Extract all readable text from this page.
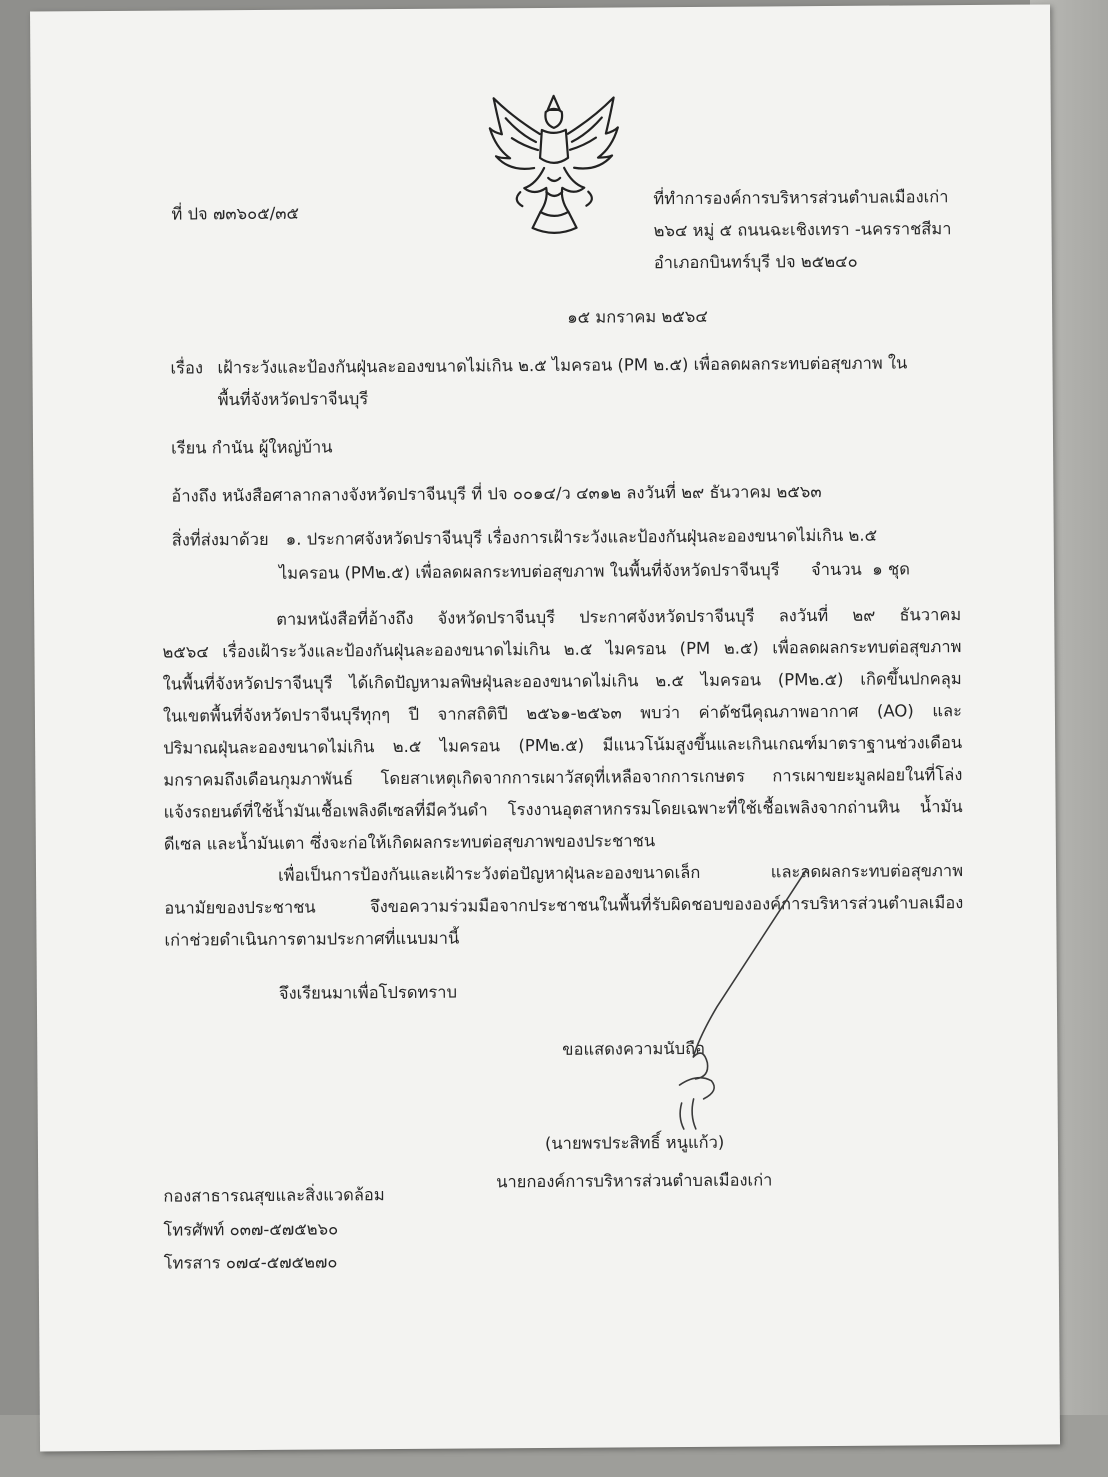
ที่ ปจ ๗๓๖๐๕/๓๕
ที่ทำการองค์การบริหารส่วนตำบลเมืองเก่า
๒๖๔ หมู่ ๕ ถนนฉะเชิงเทรา -นครราชสีมา
อำเภอกบินทร์บุรี ปจ ๒๕๒๔๐
๑๕ มกราคม ๒๕๖๔
เรื่อง เฝ้าระวังและป้องกันฝุ่นละอองขนาดไม่เกิน ๒.๕ ไมครอน (PM ๒.๕) เพื่อลดผลกระทบต่อสุขภาพ ใน
พื้นที่จังหวัดปราจีนบุรี
เรียน กำนัน ผู้ใหญ่บ้าน
อ้างถึง หนังสือศาลากลางจังหวัดปราจีนบุรี ที่ ปจ ๐๐๑๔/ว ๔๓๑๒ ลงวันที่ ๒๙ ธันวาคม ๒๕๖๓
สิ่งที่ส่งมาด้วย ๑. ประกาศจังหวัดปราจีนบุรี เรื่องการเฝ้าระวังและป้องกันฝุ่นละอองขนาดไม่เกิน ๒.๕
ไมครอน (PM๒.๕) เพื่อลดผลกระทบต่อสุขภาพ ในพื้นที่จังหวัดปราจีนบุรี      จำนวน  ๑ ชุด
ตามหนังสือที่อ้างถึง จังหวัดปราจีนบุรี ประกาศจังหวัดปราจีนบุรี ลงวันที่ ๒๙ ธันวาคม
๒๕๖๔ เรื่องเฝ้าระวังและป้องกันฝุ่นละอองขนาดไม่เกิน ๒.๕ ไมครอน (PM ๒.๕) เพื่อลดผลกระทบต่อสุขภาพ
ในพื้นที่จังหวัดปราจีนบุรี ได้เกิดปัญหามลพิษฝุ่นละอองขนาดไม่เกิน ๒.๕ ไมครอน (PM๒.๕) เกิดขึ้นปกคลุม
ในเขตพื้นที่จังหวัดปราจีนบุรีทุกๆ ปี จากสถิติปี ๒๕๖๑-๒๕๖๓ พบว่า ค่าดัชนีคุณภาพอากาศ (AO) และ
ปริมาณฝุ่นละอองขนาดไม่เกิน ๒.๕ ไมครอน (PM๒.๕) มีแนวโน้มสูงขึ้นและเกินเกณฑ์มาตราฐานช่วงเดือน
มกราคมถึงเดือนกุมภาพันธ์ โดยสาเหตุเกิดจากการเผาวัสดุที่เหลือจากการเกษตร การเผาขยะมูลฝอยในที่โล่ง
แจ้งรถยนต์ที่ใช้น้ำมันเชื้อเพลิงดีเซลที่มีควันดำ โรงงานอุตสาหกรรมโดยเฉพาะที่ใช้เชื้อเพลิงจากถ่านหิน น้ำมัน
ดีเซล และน้ำมันเตา ซึ่งจะก่อให้เกิดผลกระทบต่อสุขภาพของประชาชน
เพื่อเป็นการป้องกันและเฝ้าระวังต่อปัญหาฝุ่นละอองขนาดเล็ก และลดผลกระทบต่อสุขภาพ
อนามัยของประชาชน จึงขอความร่วมมือจากประชาชนในพื้นที่รับผิดชอบขององค์การบริหารส่วนตำบลเมือง
เก่าช่วยดำเนินการตามประกาศที่แนบมานี้
จึงเรียนมาเพื่อโปรดทราบ
ขอแสดงความนับถือ
(นายพรประสิทธิ์ หนูแก้ว)
นายกองค์การบริหารส่วนตำบลเมืองเก่า
กองสาธารณสุขและสิ่งแวดล้อม
โทรศัพท์ ๐๓๗-๕๗๕๒๖๐
โทรสาร ๐๗๔-๕๗๕๒๗๐
